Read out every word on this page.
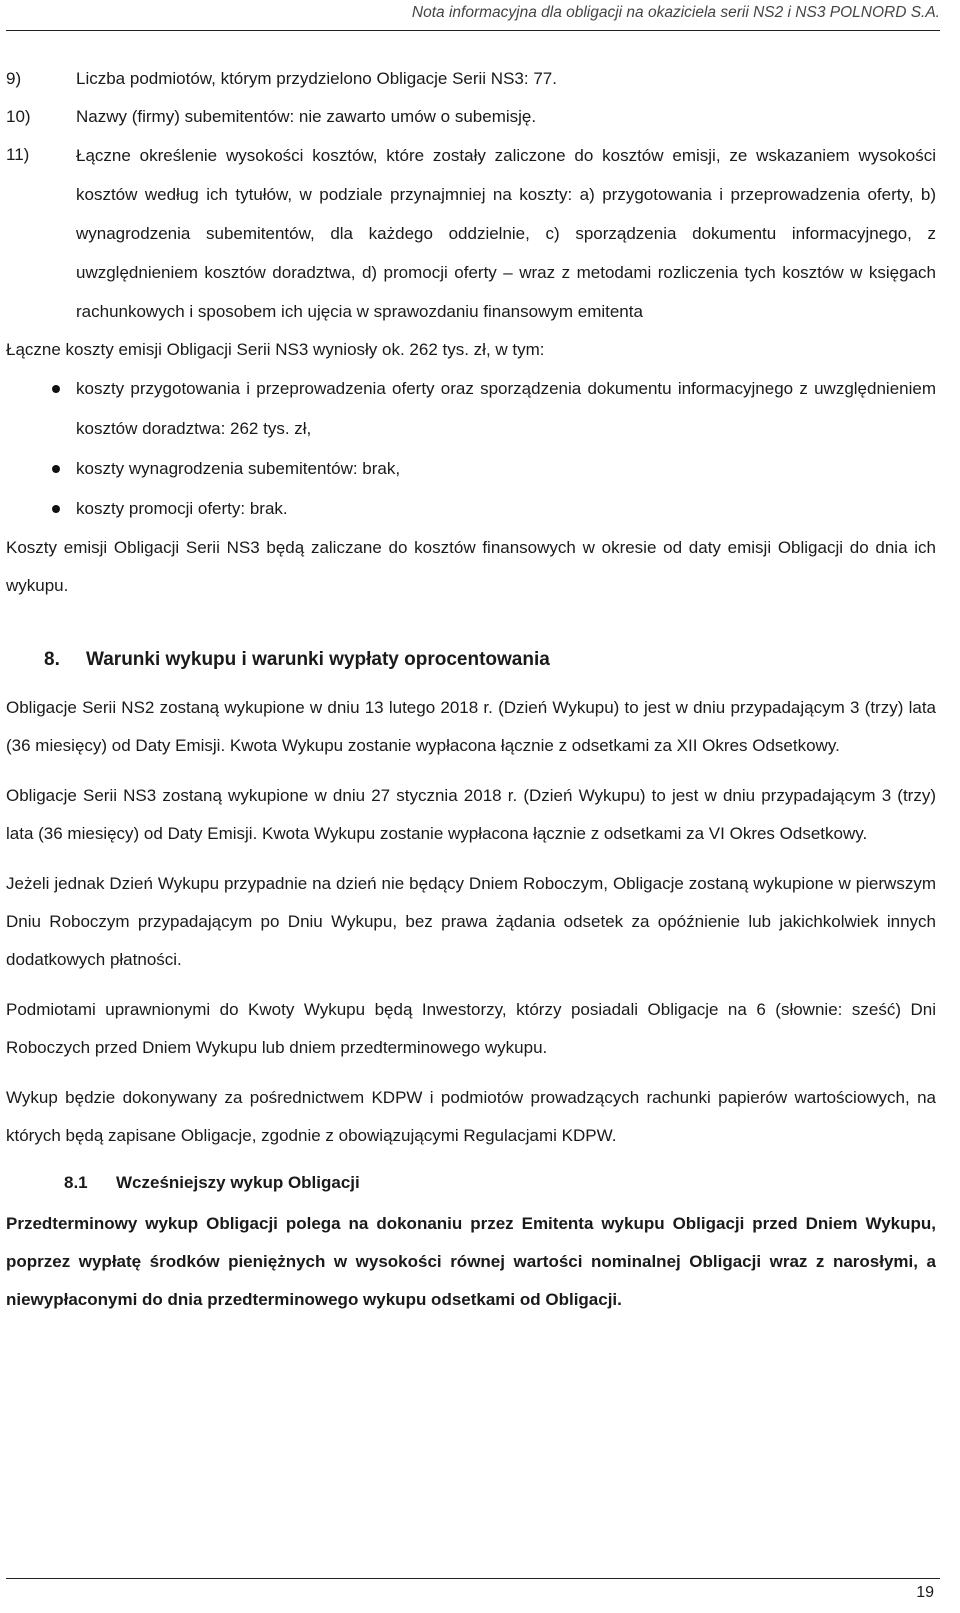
Nota informacyjna dla obligacji na okaziciela serii NS2 i NS3 POLNORD S.A.
9)	Liczba podmiotów, którym przydzielono Obligacje Serii NS3: 77.
10)	Nazwy (firmy) subemitentów: nie zawarto umów o subemisję.
11)	Łączne określenie wysokości kosztów, które zostały zaliczone do kosztów emisji, ze wskazaniem wysokości kosztów według ich tytułów, w podziale przynajmniej na koszty: a) przygotowania i przeprowadzenia oferty, b) wynagrodzenia subemitentów, dla każdego oddzielnie, c) sporządzenia dokumentu informacyjnego, z uwzględnieniem kosztów doradztwa, d) promocji oferty – wraz z metodami rozliczenia tych kosztów w księgach rachunkowych i sposobem ich ujęcia w sprawozdaniu finansowym emitenta
Łączne koszty emisji Obligacji Serii NS3 wyniosły ok. 262 tys. zł, w tym:
koszty przygotowania i przeprowadzenia oferty oraz sporządzenia dokumentu informacyjnego z uwzględnieniem kosztów doradztwa: 262 tys. zł,
koszty wynagrodzenia subemitentów: brak,
koszty promocji oferty: brak.
Koszty emisji Obligacji Serii NS3 będą zaliczane do kosztów finansowych w okresie od daty emisji Obligacji do dnia ich wykupu.
8.	Warunki wykupu i warunki wypłaty oprocentowania
Obligacje Serii NS2 zostaną wykupione w dniu 13 lutego 2018 r. (Dzień Wykupu) to jest w dniu przypadającym 3 (trzy) lata (36 miesięcy) od Daty Emisji. Kwota Wykupu zostanie wypłacona łącznie z odsetkami za XII Okres Odsetkowy.
Obligacje Serii NS3 zostaną wykupione w dniu 27 stycznia 2018 r. (Dzień Wykupu) to jest w dniu przypadającym 3 (trzy) lata (36 miesięcy) od Daty Emisji. Kwota Wykupu zostanie wypłacona łącznie z odsetkami za VI Okres Odsetkowy.
Jeżeli jednak Dzień Wykupu przypadnie na dzień nie będący Dniem Roboczym, Obligacje zostaną wykupione w pierwszym Dniu Roboczym przypadającym po Dniu Wykupu, bez prawa żądania odsetek za opóźnienie lub jakichkolwiek innych dodatkowych płatności.
Podmiotami uprawnionymi do Kwoty Wykupu będą Inwestorzy, którzy posiadali Obligacje na 6 (słownie: sześć) Dni Roboczych przed Dniem Wykupu lub dniem przedterminowego wykupu.
Wykup będzie dokonywany za pośrednictwem KDPW i podmiotów prowadzących rachunki papierów wartościowych, na których będą zapisane Obligacje, zgodnie z obowiązującymi Regulacjami KDPW.
8.1	Wcześniejszy wykup Obligacji
Przedterminowy wykup Obligacji polega na dokonaniu przez Emitenta wykupu Obligacji przed Dniem Wykupu, poprzez wypłatę środków pieniężnych w wysokości równej wartości nominalnej Obligacji wraz z narosłymi, a niewypłaconymi do dnia przedterminowego wykupu odsetkami od Obligacji.
19
